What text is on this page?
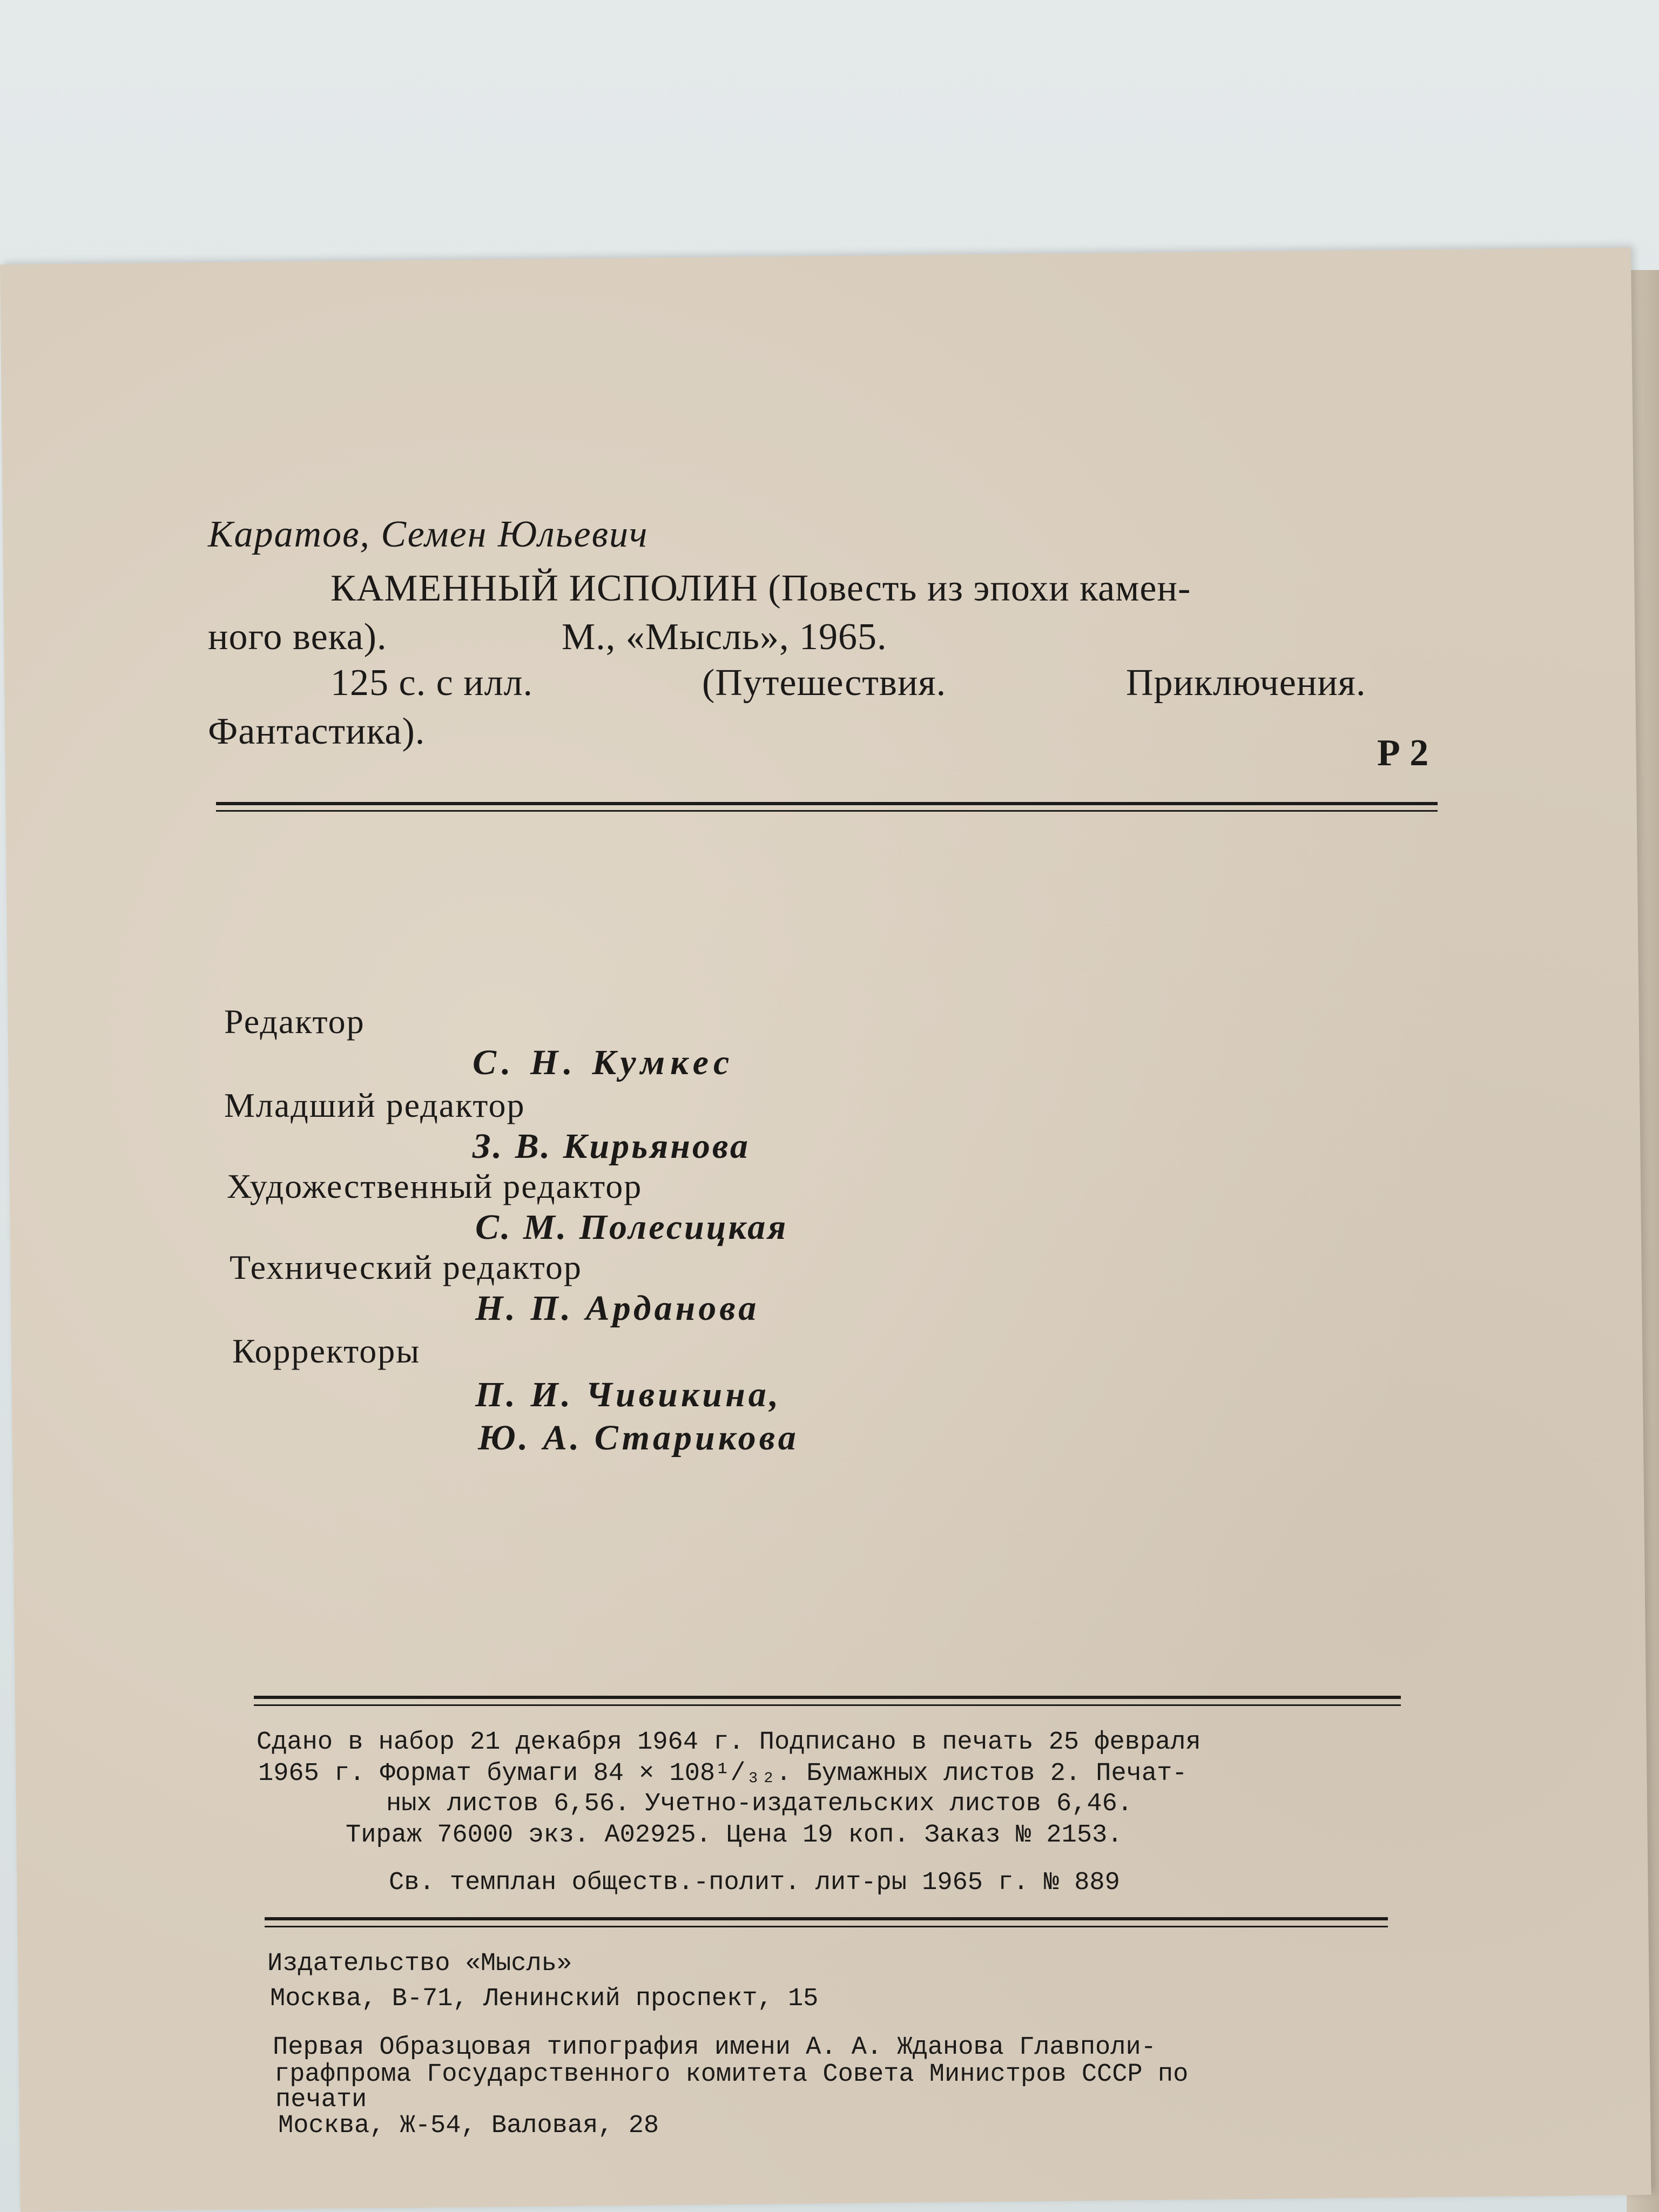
Каратов, Семен Юльевич
КАМЕННЫЙ ИСПОЛИН (Повесть из эпохи камен-
ного века).	М., «Мысль», 1965.
125 с. с илл.	(Путешествия.	Приключения.
Фантастика).
Р 2
Редактор
С. Н. Кумкес
Младший редактор
З. В. Кирьянова
Художественный редактор
С. М. Полесицкая
Технический редактор
Н. П. Арданова
Корректоры
П. И. Чивикина,
Ю. А. Старикова
Сдано в набор 21 декабря 1964 г. Подписано в печать 25 февраля
1965 г. Формат бумаги 84 × 108¹/₃₂. Бумажных листов 2. Печат-
ных листов 6,56. Учетно-издательских листов 6,46.
Тираж 76000 экз. А02925. Цена 19 коп. Заказ № 2153.
Св. темплан обществ.-полит. лит-ры 1965 г. № 889
Издательство «Мысль»
Москва, В-71, Ленинский проспект, 15
Первая Образцовая типография имени А. А. Жданова Главполи-
графпрома Государственного комитета Совета Министров СССР по
печати
Москва, Ж-54, Валовая, 28
